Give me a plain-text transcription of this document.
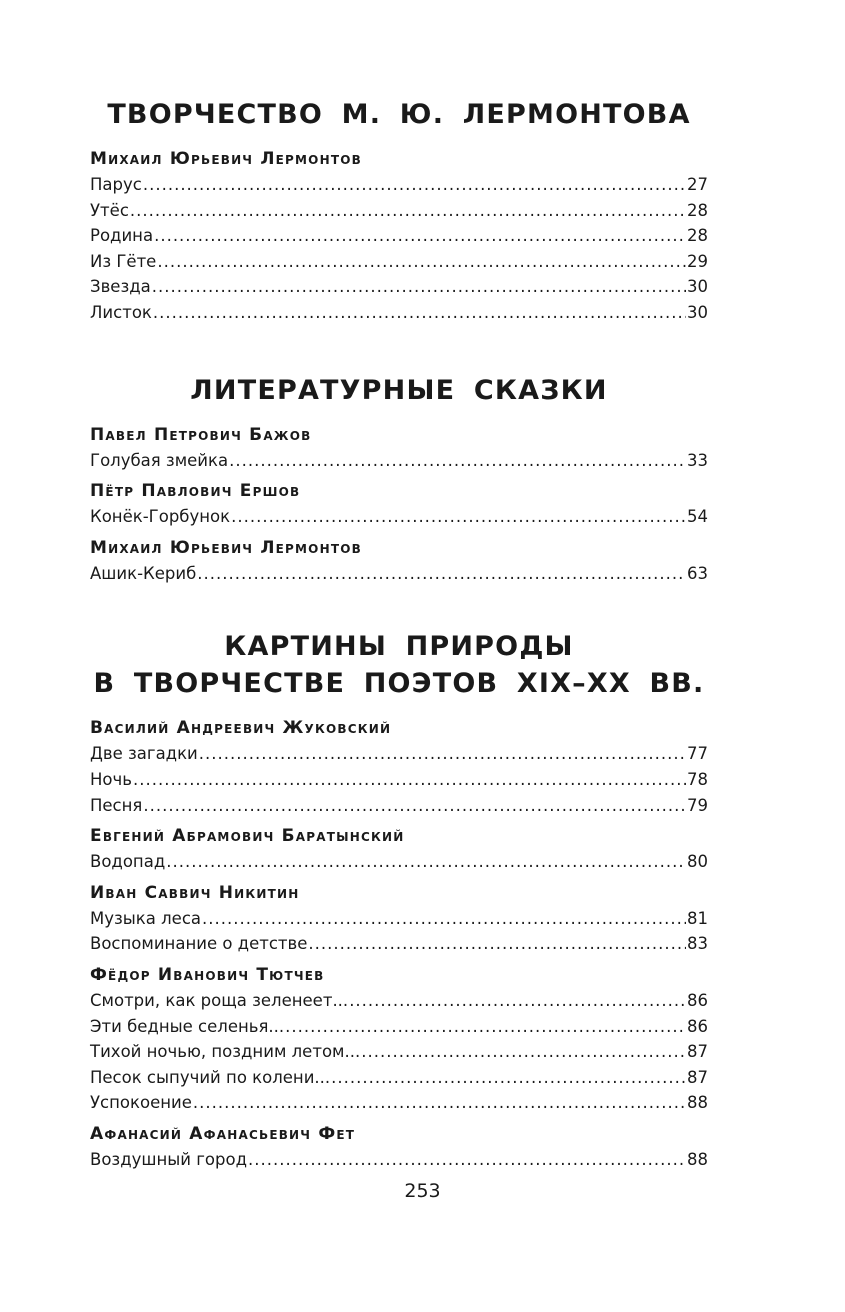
ТВОРЧЕСТВО М. Ю. ЛЕРМОНТОВА
Михаил Юрьевич Лермонтов
Парус .....	27
Утёс .....	28
Родина .....	28
Из Гёте .....	29
Звезда .....	30
Листок .....	30
ЛИТЕРАТУРНЫЕ СКАЗКИ
Павел Петрович Бажов
Голубая змейка .....	33
Пётр Павлович Ершов
Конёк-Горбунок .....	54
Михаил Юрьевич Лермонтов
Ашик-Кериб .....	63
КАРТИНЫ ПРИРОДЫ
В ТВОРЧЕСТВЕ ПОЭТОВ XIX–XX ВВ.
Василий Андреевич Жуковский
Две загадки .....	77
Ночь .....	78
Песня .....	79
Евгений Абрамович Баратынский
Водопад .....	80
Иван Саввич Никитин
Музыка леса .....	81
Воспоминание о детстве .....	83
Фёдор Иванович Тютчев
Смотри, как роща зеленеет... .....	86
Эти бедные селенья... .....	86
Тихой ночью, поздним летом... .....	87
Песок сыпучий по колени... .....	87
Успокоение .....	88
Афанасий Афанасьевич Фет
Воздушный город .....	88
253
